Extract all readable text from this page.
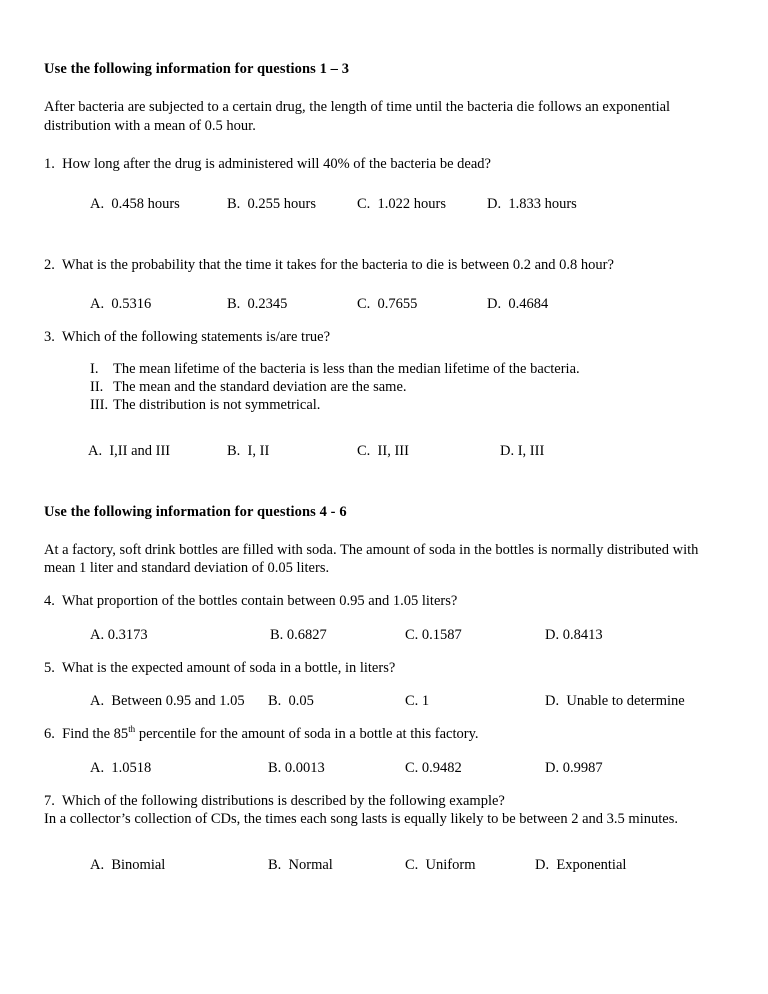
Use the following information for questions 1 – 3

After bacteria are subjected to a certain drug, the length of time until the bacteria die follows an exponential distribution with a mean of 0.5 hour.

1. How long after the drug is administered will 40% of the bacteria be dead?

A.  0.458 hours	B.  0.255 hours	C.  1.022 hours	D.  1.833 hours

2. What is the probability that the time it takes for the bacteria to die is between 0.2 and 0.8 hour?

A.  0.5316	B.  0.2345	C.  0.7655	D.  0.4684

3. Which of the following statements is/are true?

I. The mean lifetime of the bacteria is less than the median lifetime of the bacteria.
II. The mean and the standard deviation are the same.
III. The distribution is not symmetrical.
A.  I,II and III	B.  I, II	C.  II, III	D. I, III

Use the following information for questions 4 - 6

At a factory, soft drink bottles are filled with soda. The amount of soda in the bottles is normally distributed with mean 1 liter and standard deviation of 0.05 liters.

4. What proportion of the bottles contain between 0.95 and 1.05 liters?

A. 0.3173	B. 0.6827	C. 0.1587	D. 0.8413

5. What is the expected amount of soda in a bottle, in liters?

A.  Between 0.95 and 1.05 B.  0.05	C. 1	D.  Unable to determine

6. Find the 85th percentile for the amount of soda in a bottle at this factory.

A.  1.0518	B. 0.0013	C. 0.9482	D. 0.9987

7. Which of the following distributions is described by the following example?

In a collector’s collection of CDs, the times each song lasts is equally likely to be between 2 and 3.5 minutes.

A.  Binomial	B.  Normal	C.  Uniform	D.  Exponential
